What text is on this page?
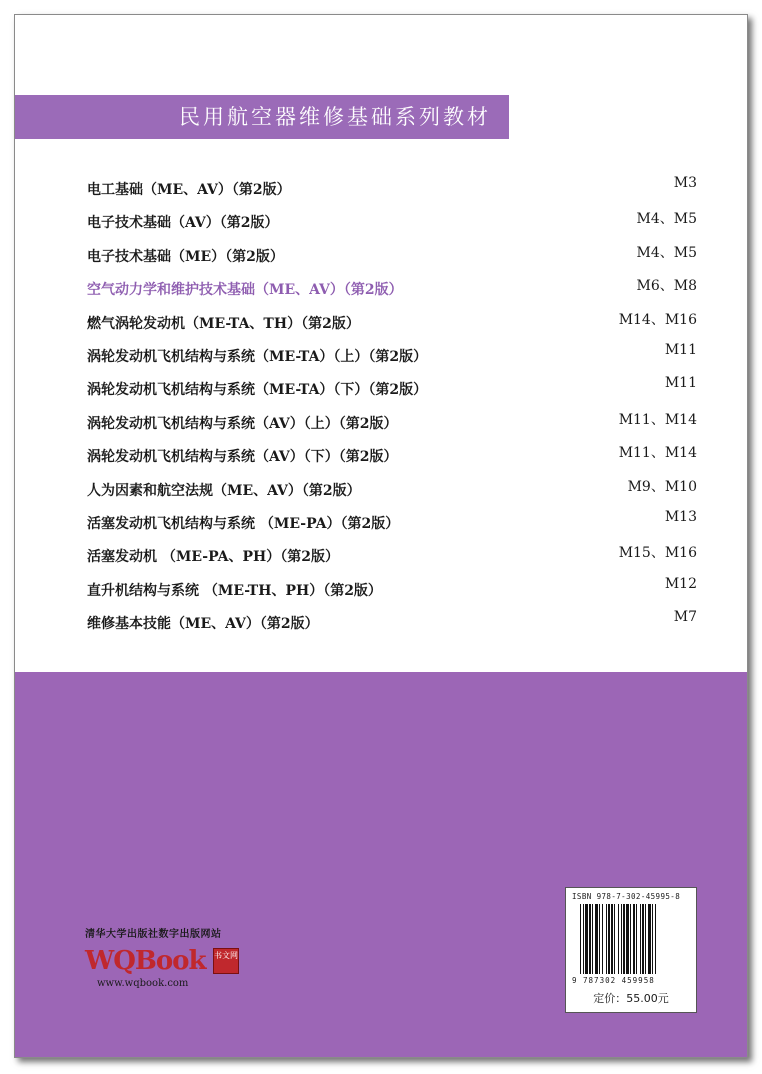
民用航空器维修基础系列教材
电工基础（ME、AV）（第2版）	M3
电子技术基础（AV）（第2版）	M4、M5
电子技术基础（ME）（第2版）	M4、M5
空气动力学和维护技术基础（ME、AV）（第2版）	M6、M8
燃气涡轮发动机（ME-TA、TH）（第2版）	M14、M16
涡轮发动机飞机结构与系统（ME-TA）（上）（第2版）	M11
涡轮发动机飞机结构与系统（ME-TA）（下）（第2版）	M11
涡轮发动机飞机结构与系统（AV）（上）（第2版）	M11、M14
涡轮发动机飞机结构与系统（AV）（下）（第2版）	M11、M14
人为因素和航空法规（ME、AV）（第2版）	M9、M10
活塞发动机飞机结构与系统 （ME-PA）（第2版）	M13
活塞发动机 （ME-PA、PH）（第2版）	M15、M16
直升机结构与系统 （ME-TH、PH）（第2版）	M12
维修基本技能（ME、AV）（第2版）	M7
清华大学出版社数字出版网站
WQBook 书文网
www.wqbook.com
ISBN 978-7-302-45995-8
9 787302 459958
定价：55.00元
